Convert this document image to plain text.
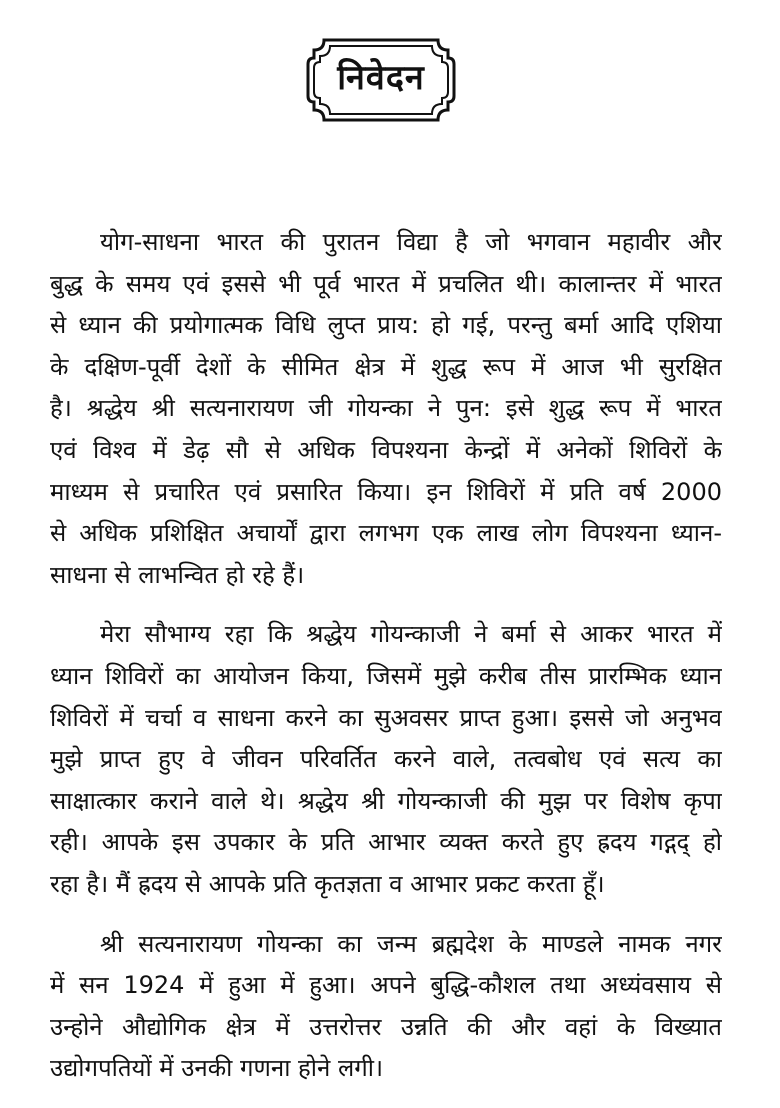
निवेदन
योग-साधना भारत की पुरातन विद्या है जो भगवान महावीर और
बुद्ध के समय एवं इससे भी पूर्व भारत में प्रचलित थी। कालान्तर में भारत
से ध्यान की प्रयोगात्मक विधि लुप्त प्राय: हो गई, परन्तु बर्मा आदि एशिया
के दक्षिण-पूर्वी देशों के सीमित क्षेत्र में शुद्ध रूप में आज भी सुरक्षित
है। श्रद्धेय श्री सत्यनारायण जी गोयन्का ने पुन: इसे शुद्ध रूप में भारत
एवं विश्व में डेढ़ सौ से अधिक विपश्यना केन्द्रों में अनेकों शिविरों के
माध्यम से प्रचारित एवं प्रसारित किया। इन शिविरों में प्रति वर्ष 2000
से अधिक प्रशिक्षित अचार्यों द्वारा लगभग एक लाख लोग विपश्यना ध्यान-
साधना से लाभन्वित हो रहे हैं।
मेरा सौभाग्य रहा कि श्रद्धेय गोयन्काजी ने बर्मा से आकर भारत में
ध्यान शिविरों का आयोजन किया, जिसमें मुझे करीब तीस प्रारम्भिक ध्यान
शिविरों में चर्चा व साधना करने का सुअवसर प्राप्त हुआ। इससे जो अनुभव
मुझे प्राप्त हुए वे जीवन परिवर्तित करने वाले, तत्वबोध एवं सत्य का
साक्षात्कार कराने वाले थे। श्रद्धेय श्री गोयन्काजी की मुझ पर विशेष कृपा
रही। आपके इस उपकार के प्रति आभार व्यक्त करते हुए ह्रदय गद्गद् हो
रहा है। मैं ह्रदय से आपके प्रति कृतज्ञता व आभार प्रकट करता हूँ।
श्री सत्यनारायण गोयन्का का जन्म ब्रह्मदेश के माण्डले नामक नगर
में सन 1924 में हुआ में हुआ। अपने बुद्धि-कौशल तथा अध्यंवसाय से
उन्होने औद्योगिक क्षेत्र में उत्तरोत्तर उन्नति की और वहां के विख्यात
उद्योगपतियों में उनकी गणना होने लगी।
